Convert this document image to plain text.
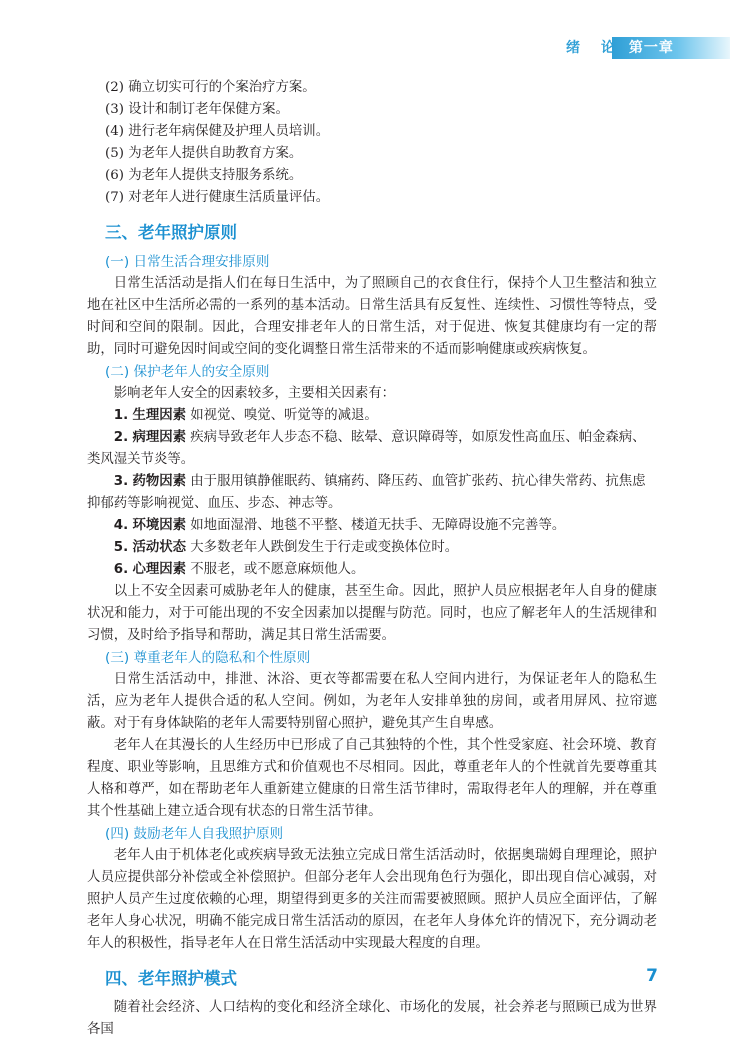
绪 论 第一章
(2) 确立切实可行的个案治疗方案。
(3) 设计和制订老年保健方案。
(4) 进行老年病保健及护理人员培训。
(5) 为老年人提供自助教育方案。
(6) 为老年人提供支持服务系统。
(7) 对老年人进行健康生活质量评估。
三、老年照护原则
(一) 日常生活合理安排原则
日常生活活动是指人们在每日生活中，为了照顾自己的衣食住行，保持个人卫生整洁和独立地在社区中生活所必需的一系列的基本活动。日常生活具有反复性、连续性、习惯性等特点，受时间和空间的限制。因此，合理安排老年人的日常生活，对于促进、恢复其健康均有一定的帮助，同时可避免因时间或空间的变化调整日常生活带来的不适而影响健康或疾病恢复。
(二) 保护老年人的安全原则
影响老年人安全的因素较多，主要相关因素有：
1. 生理因素 如视觉、嗅觉、听觉等的减退。
2. 病理因素 疾病导致老年人步态不稳、眩晕、意识障碍等，如原发性高血压、帕金森病、类风湿关节炎等。
3. 药物因素 由于服用镇静催眠药、镇痛药、降压药、血管扩张药、抗心律失常药、抗焦虑抑郁药等影响视觉、血压、步态、神志等。
4. 环境因素 如地面湿滑、地毯不平整、楼道无扶手、无障碍设施不完善等。
5. 活动状态 大多数老年人跌倒发生于行走或变换体位时。
6. 心理因素 不服老，或不愿意麻烦他人。
以上不安全因素可威胁老年人的健康，甚至生命。因此，照护人员应根据老年人自身的健康状况和能力，对于可能出现的不安全因素加以提醒与防范。同时，也应了解老年人的生活规律和习惯，及时给予指导和帮助，满足其日常生活需要。
(三) 尊重老年人的隐私和个性原则
日常生活活动中，排泄、沐浴、更衣等都需要在私人空间内进行，为保证老年人的隐私生活，应为老年人提供合适的私人空间。例如，为老年人安排单独的房间，或者用屏风、拉帘遮蔽。对于有身体缺陷的老年人需要特别留心照护，避免其产生自卑感。
老年人在其漫长的人生经历中已形成了自己其独特的个性，其个性受家庭、社会环境、教育程度、职业等影响，且思维方式和价值观也不尽相同。因此，尊重老年人的个性就首先要尊重其人格和尊严，如在帮助老年人重新建立健康的日常生活节律时，需取得老年人的理解，并在尊重其个性基础上建立适合现有状态的日常生活节律。
(四) 鼓励老年人自我照护原则
老年人由于机体老化或疾病导致无法独立完成日常生活活动时，依据奥瑞姆自理理论，照护人员应提供部分补偿或全补偿照护。但部分老年人会出现角色行为强化，即出现自信心减弱，对照护人员产生过度依赖的心理，期望得到更多的关注而需要被照顾。照护人员应全面评估，了解老年人身心状况，明确不能完成日常生活活动的原因，在老年人身体允许的情况下，充分调动老年人的积极性，指导老年人在日常生活活动中实现最大程度的自理。
四、老年照护模式
随着社会经济、人口结构的变化和经济全球化、市场化的发展，社会养老与照顾已成为世界各国
7
